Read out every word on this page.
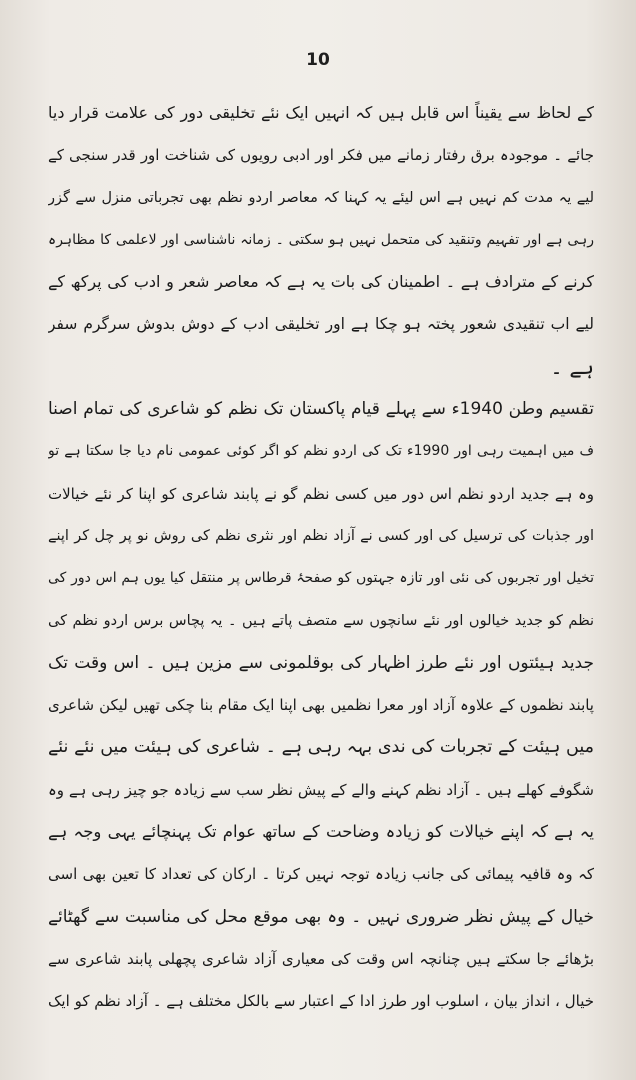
10
کے لحاظ سے یقیناً اس قابل ہیں کہ انہیں ایک نئے تخلیقی دور کی علامت قرار دیا
جائے ۔ موجودہ برق رفتار زمانے میں فکر اور ادبی رویوں کی شناخت اور قدر سنجی کے
لیے یہ مدت کم نہیں ہے اس لیئے یہ کہنا کہ معاصر اردو نظم بھی تجرباتی منزل سے گزر
رہی ہے اور تفہیم وتنقید کی متحمل نہیں ہو سکتی ۔ زمانہ ناشناسی اور لاعلمی کا مظاہرہ
کرنے کے مترادف ہے ۔ اطمینان کی بات یہ ہے کہ معاصر شعر و ادب کی پرکھ کے
لیے اب تنقیدی شعور پختہ ہو چکا ہے اور تخلیقی ادب کے دوش بدوش سرگرم سفر
ہے ۔
تقسیم وطن 1940ء سے پہلے قیام پاکستان تک نظم کو شاعری کی تمام اصنا
ف میں اہمیت رہی اور 1990ء تک کی اردو نظم کو اگر کوئی عمومی نام دیا جا سکتا ہے تو
وہ ہے جدید اردو نظم اس دور میں کسی نظم گو نے پابند شاعری کو اپنا کر نئے خیالات
اور جذبات کی ترسیل کی اور کسی نے آزاد نظم اور نثری نظم کی روش نو پر چل کر اپنے
تخیل اور تجربوں کی نئی اور تازہ جہتوں کو صفحۂ قرطاس پر منتقل کیا یوں ہم اس دور کی
نظم کو جدید خیالوں اور نئے سانچوں سے متصف پاتے ہیں ۔ یہ پچاس برس اردو نظم کی
جدید ہیئتوں اور نئے طرز اظہار کی بوقلمونی سے مزین ہیں ۔ اس وقت تک
پابند نظموں کے علاوہ آزاد اور معرا نظمیں بھی اپنا ایک مقام بنا چکی تھیں لیکن شاعری
میں ہیئت کے تجربات کی ندی بہہ رہی ہے ۔ شاعری کی ہیئت میں نئے نئے
شگوفے کھلے ہیں ۔ آزاد نظم کہنے والے کے پیش نظر سب سے زیادہ جو چیز رہی ہے وہ
یہ ہے کہ اپنے خیالات کو زیادہ وضاحت کے ساتھ عوام تک پہنچائے یہی وجہ ہے
کہ وہ قافیہ پیمائی کی جانب زیادہ توجہ نہیں کرتا ۔ ارکان کی تعداد کا تعین بھی اسی
خیال کے پیش نظر ضروری نہیں ۔ وہ بھی موقع محل کی مناسبت سے گھٹائے
بڑھائے جا سکتے ہیں چنانچہ اس وقت کی معیاری آزاد شاعری پچھلی پابند شاعری سے
خیال ، انداز بیان ، اسلوب اور طرز ادا کے اعتبار سے بالکل مختلف ہے ۔ آزاد نظم کو ایک
